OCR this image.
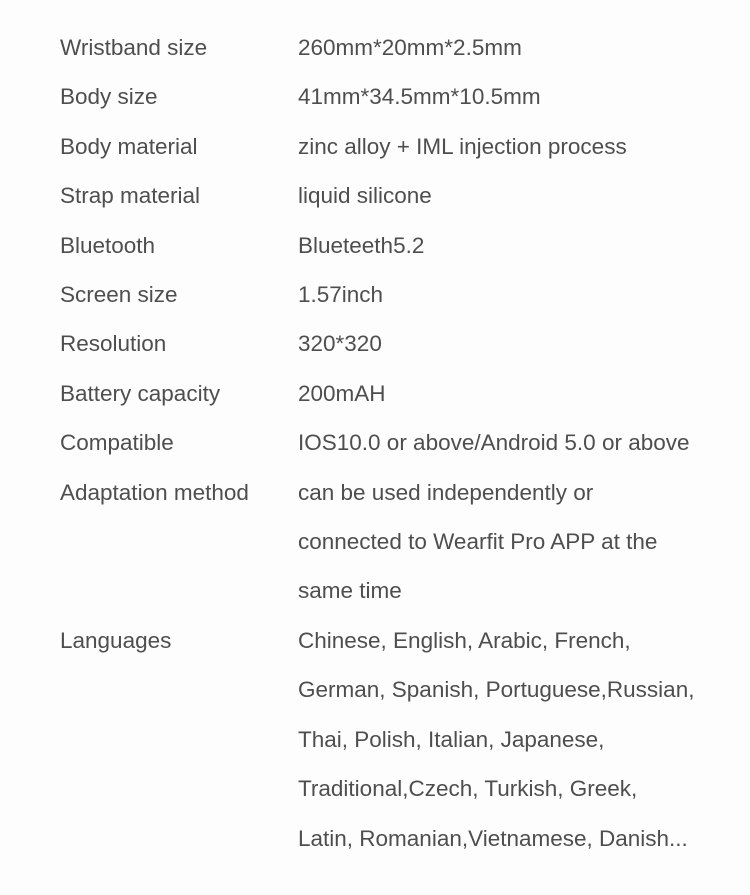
Wristband size	260mm*20mm*2.5mm
Body size	41mm*34.5mm*10.5mm
Body material	zinc alloy + IML injection process
Strap material	liquid silicone
Bluetooth	Blueteeth5.2
Screen size	1.57inch
Resolution	320*320
Battery capacity	200mAH
Compatible	IOS10.0 or above/Android 5.0 or above
Adaptation method	can be used independently or
connected to Wearfit Pro APP at the
same time
Languages	Chinese, English, Arabic, French,
German, Spanish, Portuguese,Russian,
Thai, Polish, Italian, Japanese,
Traditional,Czech, Turkish, Greek,
Latin, Romanian,Vietnamese, Danish...
